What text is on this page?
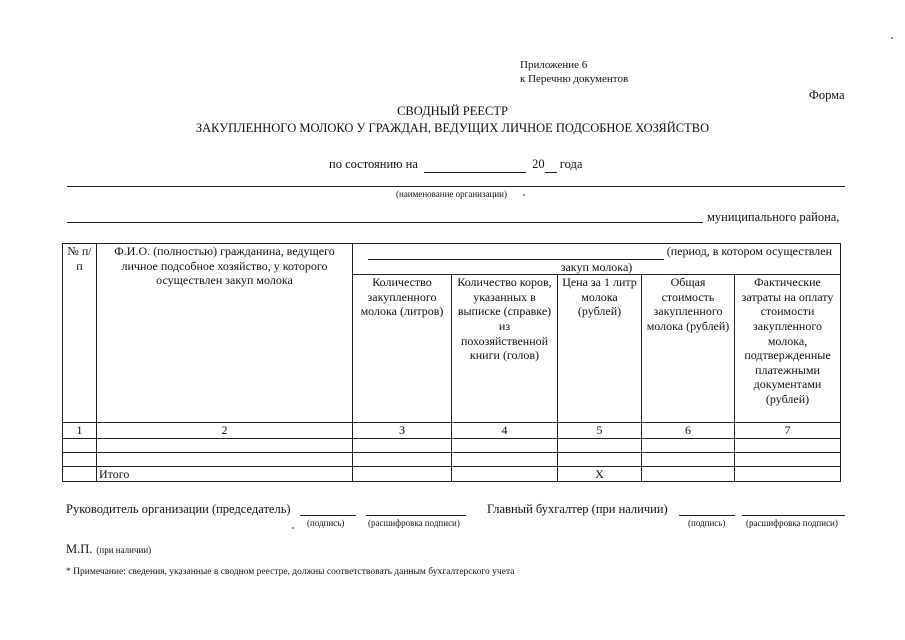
Приложение 6
к Перечню документов
Форма
СВОДНЫЙ РЕЕСТР
ЗАКУПЛЕННОГО МОЛОКО У ГРАЖДАН, ВЕДУЩИХ ЛИЧНОЕ ПОДСОБНОЕ ХОЗЯЙСТВО
по состоянию на	20 года
(наименование организации)
муниципального района,
№ п/п	Ф.И.О. (полностью) гражданина, ведущего личное подсобное хозяйство, у которого осуществлен закуп молока	(период, в котором осуществлен				
		закуп молока)				
		Количество закупленного молока (литров)	Количество коров, указанных в выписке (справке) из похозяйственной книги (голов)	Цена за 1 литр молока (рублей)	Общая стоимость закупленного молока (рублей)	Фактические затраты на оплату стоимости закупленного молока, подтвержденные платежными документами (рублей)
1	2	3	4	5	6	7

	Итого			X		
Руководитель организации (председатель)
(подпись)	(расшифровка подписи)
Главный бухгалтер (при наличии)
(подпись) (расшифровка подписи)
М.П. (при наличии)
* Примечание: сведения, указанные в сводном реестре, должны соответствовать данным бухгалтерского учета
